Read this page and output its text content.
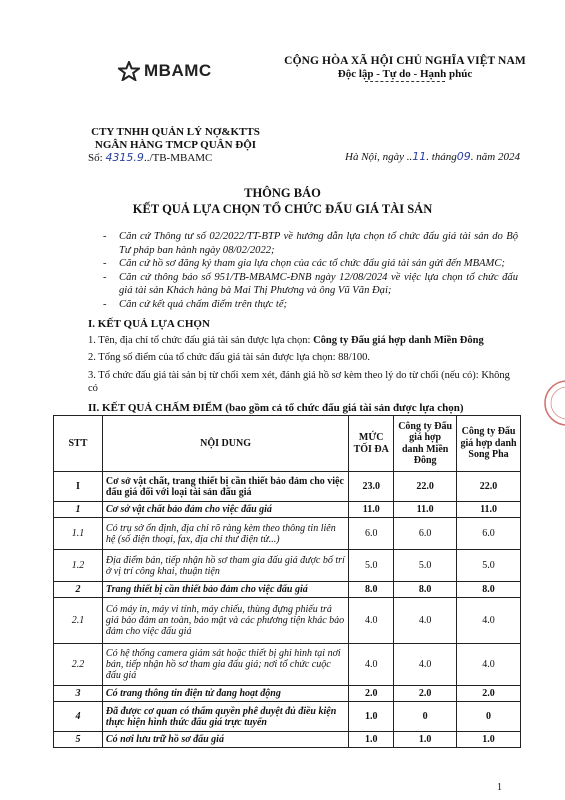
MBAMC	CỘNG HÒA XÃ HỘI CHỦ NGHĨA VIỆT NAM
Độc lập - Tự do - Hạnh phúc
CTY TNHH QUẢN LÝ NỢ&KTTS
NGÂN HÀNG TMCP QUÂN ĐỘI
Số: 4315.9../TB-MBAMC	Hà Nội, ngày ..11. tháng09. năm 2024
THÔNG BÁO
KẾT QUẢ LỰA CHỌN TỔ CHỨC ĐẤU GIÁ TÀI SẢN
- Căn cứ Thông tư số 02/2022/TT-BTP về hướng dẫn lựa chọn tổ chức đấu giá tài sản do Bộ Tư pháp ban hành ngày 08/02/2022;
- Căn cứ hồ sơ đăng ký tham gia lựa chọn của các tổ chức đấu giá tài sản gửi đến MBAMC;
- Căn cứ thông báo số 951/TB-MBAMC-ĐNB ngày 12/08/2024 về việc lựa chọn tổ chức đấu giá tài sản Khách hàng bà Mai Thị Phương và ông Vũ Văn Đại;
- Căn cứ kết quả chấm điểm trên thực tế;
I. KẾT QUẢ LỰA CHỌN
1. Tên, địa chỉ tổ chức đấu giá tài sản được lựa chọn: Công ty Đấu giá hợp danh Miền Đông
2. Tổng số điểm của tổ chức đấu giá tài sản được lựa chọn: 88/100.
3. Tổ chức đấu giá tài sản bị từ chối xem xét, đánh giá hồ sơ kèm theo lý do từ chối (nếu có): Không có
II. KẾT QUẢ CHẤM ĐIỂM (bao gồm cả tổ chức đấu giá tài sản được lựa chọn)
STT	NỘI DUNG	MỨC TỐI ĐA	Công ty Đấu giá hợp danh Miền Đông	Công ty Đấu giá hợp danh Song Pha
I	Cơ sở vật chất, trang thiết bị cần thiết bảo đảm cho việc đấu giá đối với loại tài sản đấu giá	23.0	22.0	22.0
1	Cơ sở vật chất bảo đảm cho việc đấu giá	11.0	11.0	11.0
1.1	Có trụ sở ổn định, địa chỉ rõ ràng kèm theo thông tin liên hệ (số điện thoại, fax, địa chỉ thư điện tử...)	6.0	6.0	6.0
1.2	Địa điểm bán, tiếp nhận hồ sơ tham gia đấu giá được bố trí ở vị trí công khai, thuận tiện	5.0	5.0	5.0
2	Trang thiết bị cần thiết bảo đảm cho việc đấu giá	8.0	8.0	8.0
2.1	Có máy in, máy vi tính, máy chiếu, thùng đựng phiếu trả giá bảo đảm an toàn, bảo mật và các phương tiện khác bảo đảm cho việc đấu giá	4.0	4.0	4.0
2.2	Có hệ thống camera giám sát hoặc thiết bị ghi hình tại nơi bán, tiếp nhận hồ sơ tham gia đấu giá; nơi tổ chức cuộc đấu giá	4.0	4.0	4.0
3	Có trang thông tin điện tử đang hoạt động	2.0	2.0	2.0
4	Đã được cơ quan có thẩm quyền phê duyệt đủ điều kiện thực hiện hình thức đấu giá trực tuyến	1.0	0	0
5	Có nơi lưu trữ hồ sơ đấu giá	1.0	1.0	1.0
1
